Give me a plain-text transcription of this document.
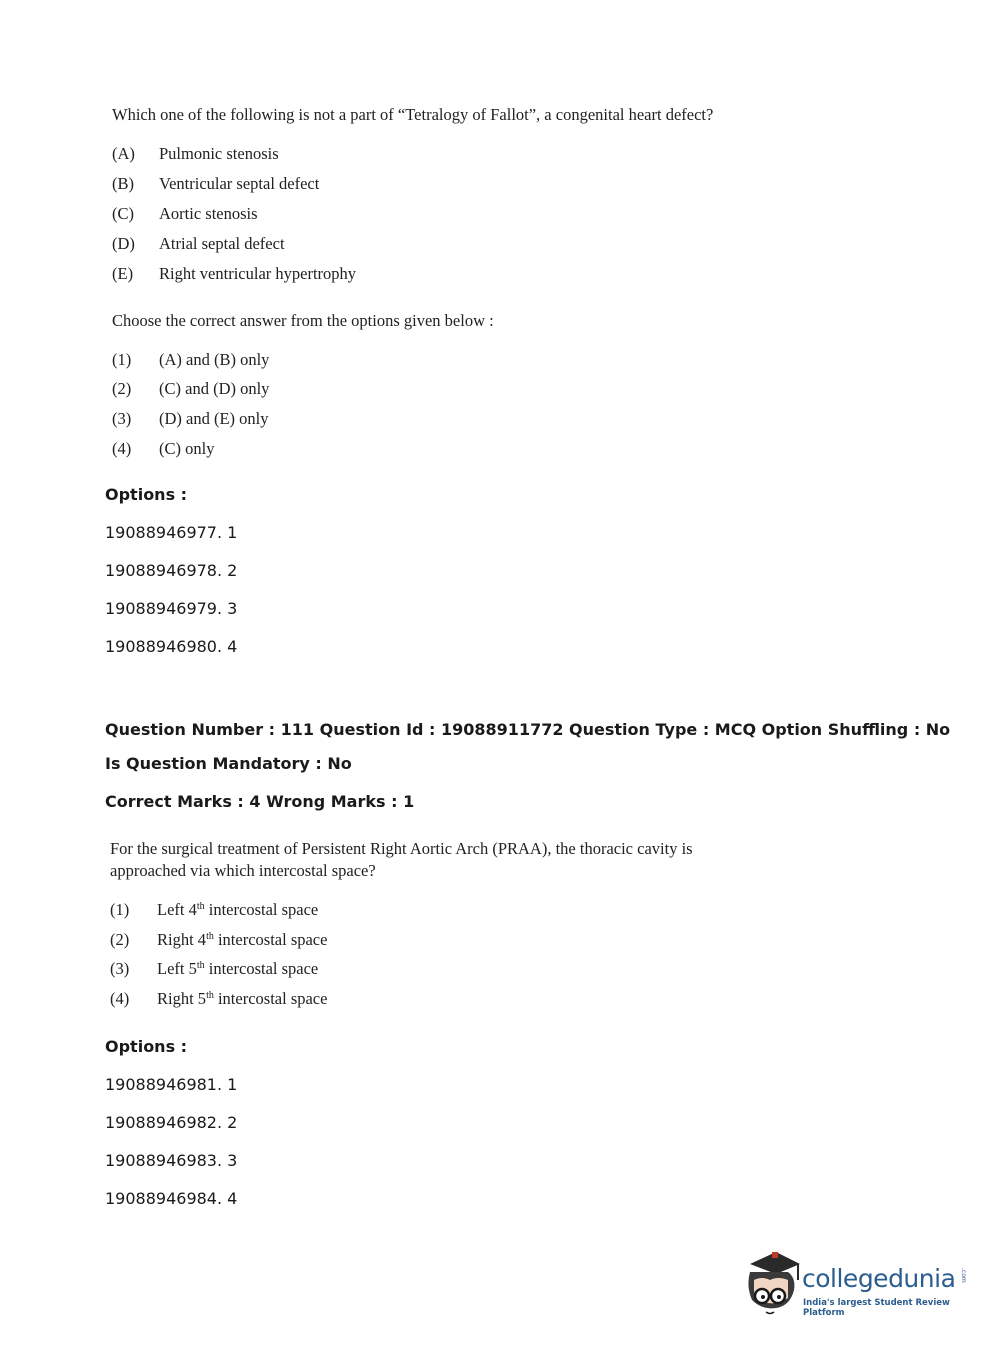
Which one of the following is not a part of “Tetralogy of Fallot”, a congenital heart defect?
(A) Pulmonic stenosis
(B) Ventricular septal defect
(C) Aortic stenosis
(D) Atrial septal defect
(E) Right ventricular hypertrophy
Choose the correct answer from the options given below :
(1) (A) and (B) only
(2) (C) and (D) only
(3) (D) and (E) only
(4) (C) only
Options :
19088946977. 1
19088946978. 2
19088946979. 3
19088946980. 4
Question Number : 111 Question Id : 19088911772 Question Type : MCQ Option Shuffling : No
Is Question Mandatory : No
Correct Marks : 4 Wrong Marks : 1
For the surgical treatment of Persistent Right Aortic Arch (PRAA), the thoracic cavity is
approached via which intercostal space?
(1) Left 4th intercostal space
(2) Right 4th intercostal space
(3) Left 5th intercostal space
(4) Right 5th intercostal space
Options :
19088946981. 1
19088946982. 2
19088946983. 3
19088946984. 4
collegedunia .com
India's largest Student Review Platform
